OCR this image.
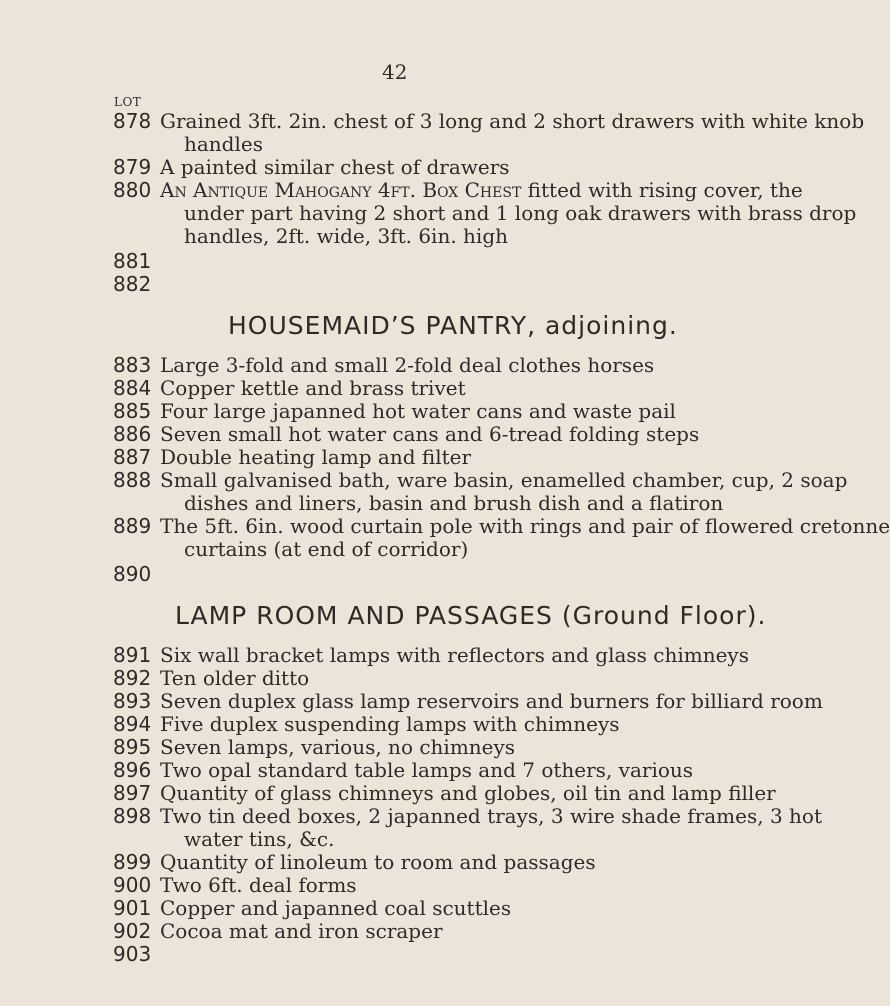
42
LOT
878 Grained 3ft. 2in. chest of 3 long and 2 short drawers with white knob
handles
879 A painted similar chest of drawers
880 An Antique Mahogany 4ft. Box Chest fitted with rising cover, the
under part having 2 short and 1 long oak drawers with brass drop
handles, 2ft. wide, 3ft. 6in. high
881
882
HOUSEMAID’S PANTRY, adjoining.
883 Large 3-fold and small 2-fold deal clothes horses
884 Copper kettle and brass trivet
885 Four large japanned hot water cans and waste pail
886 Seven small hot water cans and 6-tread folding steps
887 Double heating lamp and filter
888 Small galvanised bath, ware basin, enamelled chamber, cup, 2 soap
dishes and liners, basin and brush dish and a flatiron
889 The 5ft. 6in. wood curtain pole with rings and pair of flowered cretonne
curtains (at end of corridor)
890
LAMP ROOM AND PASSAGES (Ground Floor).
891 Six wall bracket lamps with reflectors and glass chimneys
892 Ten older ditto
893 Seven duplex glass lamp reservoirs and burners for billiard room
894 Five duplex suspending lamps with chimneys
895 Seven lamps, various, no chimneys
896 Two opal standard table lamps and 7 others, various
897 Quantity of glass chimneys and globes, oil tin and lamp filler
898 Two tin deed boxes, 2 japanned trays, 3 wire shade frames, 3 hot
water tins, &c.
899 Quantity of linoleum to room and passages
900 Two 6ft. deal forms
901 Copper and japanned coal scuttles
902 Cocoa mat and iron scraper
903
